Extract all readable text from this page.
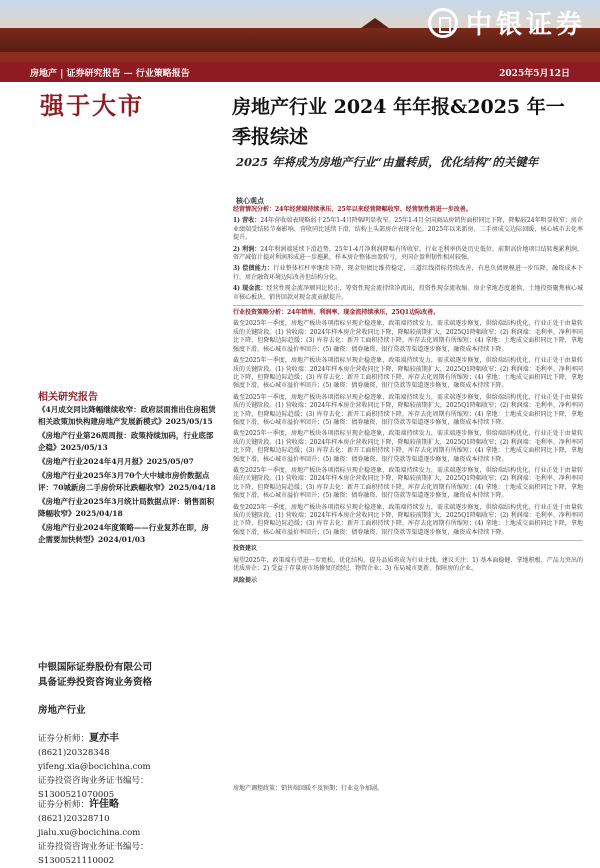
中银证券
房地产 | 证券研究报告 — 行业策略报告	2025年5月12日
强于大市
相关研究报告
《4月成交同比降幅继续收窄：政府层面推出住房租赁相关政策加快构建房地产发展新模式》2025/05/15
《房地产行业第26周周报：政策持续加码，行业底部企稳》2025/05/13
《房地产行业2024年4月月报》2025/05/07
《房地产行业2025年3月70个大中城市房价数据点评：70城新房二手房价环比跌幅收窄》2025/04/18
《房地产行业2025年3月统计局数据点评：销售面积降幅收窄》2025/04/18
《房地产行业2024年度策略——行业复苏在即，房企需要加快转型》2024/01/03
中银国际证券股份有限公司
具备证券投资咨询业务资格
房地产行业
证券分析师：夏亦丰
(8621)20328348
yifeng.xia@bocichina.com
证券投资咨询业务证书编号：S1300521070005
证券分析师：许佳略
(8621)20328710
jialu.xu@bocichina.com
证券投资咨询业务证书编号：S1300521110002
房地产行业 2024 年年报&2025 年一季报综述
2025 年将成为房地产行业“由量转质，优化结构”的关键年
核心观点

经营情况分析：24年经营端持续承压，25年以来经营降幅收窄、经营韧性将进一步改善。

1) 营收：24年营收端表现略弱于25年1-4月降幅明显收窄。25年1-4月全国商品房销售面积同比下降，降幅较24年明显收窄；房企业绩端受结转节奏影响，营收同比延续下滑，结构上头部房企表现分化。2025年以来新房、二手房成交边际回暖，核心城市去化率提升。

2) 利润：24年利润端延续下滑趋势，25年1-4月净利润降幅有所收窄。行业毛利率仍处历史低位，前期高价地项目结转拖累利润，资产减值计提对利润形成进一步拖累，样本房企整体由盈转亏，央国企盈利韧性相对较强。

3) 偿债能力：行业整体杠杆率继续下降，现金短债比维持稳定，三道红线指标持续改善，有息负债规模进一步压降，融资成本下行，房企融资环境边际改善但结构分化。

4) 现金流：经营性现金流净额同比转正，筹资性现金流持续净流出，投资性现金流收缩。房企拿地态度谨慎，土地投资聚焦核心城市核心板块，销售回款对现金流贡献提升。

行业投资策略分析：24年销售、利润率、现金流持续承压，25Q1边际改善。

截至2025年一季度，房地产板块各项指标呈现企稳迹象，政策端持续发力，需求端逐步修复，供给端结构优化，行业正处于由量转质的关键阶段。(1) 营收端：2024年样本房企营收同比下降，降幅较前期扩大，2025Q1降幅收窄；(2) 利润端：毛利率、净利率同比下降，但降幅边际趋缓；(3) 库存去化：新开工面积持续下降，库存去化周期有所缩短；(4) 拿地：土地成交面积同比下降，拿地强度下滑，核心城市溢价率回升；(5) 融资：债券融资、银行贷款等渠道逐步修复，融资成本持续下降。

截至2025年一季度，房地产板块各项指标呈现企稳迹象，政策端持续发力，需求端逐步修复，供给端结构优化，行业正处于由量转质的关键阶段。(1) 营收端：2024年样本房企营收同比下降，降幅较前期扩大，2025Q1降幅收窄；(2) 利润端：毛利率、净利率同比下降，但降幅边际趋缓；(3) 库存去化：新开工面积持续下降，库存去化周期有所缩短；(4) 拿地：土地成交面积同比下降，拿地强度下滑，核心城市溢价率回升；(5) 融资：债券融资、银行贷款等渠道逐步修复，融资成本持续下降。

截至2025年一季度，房地产板块各项指标呈现企稳迹象，政策端持续发力，需求端逐步修复，供给端结构优化，行业正处于由量转质的关键阶段。(1) 营收端：2024年样本房企营收同比下降，降幅较前期扩大，2025Q1降幅收窄；(2) 利润端：毛利率、净利率同比下降，但降幅边际趋缓；(3) 库存去化：新开工面积持续下降，库存去化周期有所缩短；(4) 拿地：土地成交面积同比下降，拿地强度下滑，核心城市溢价率回升；(5) 融资：债券融资、银行贷款等渠道逐步修复，融资成本持续下降。

截至2025年一季度，房地产板块各项指标呈现企稳迹象，政策端持续发力，需求端逐步修复，供给端结构优化，行业正处于由量转质的关键阶段。(1) 营收端：2024年样本房企营收同比下降，降幅较前期扩大，2025Q1降幅收窄；(2) 利润端：毛利率、净利率同比下降，但降幅边际趋缓；(3) 库存去化：新开工面积持续下降，库存去化周期有所缩短；(4) 拿地：土地成交面积同比下降，拿地强度下滑，核心城市溢价率回升；(5) 融资：债券融资、银行贷款等渠道逐步修复，融资成本持续下降。

截至2025年一季度，房地产板块各项指标呈现企稳迹象，政策端持续发力，需求端逐步修复，供给端结构优化，行业正处于由量转质的关键阶段。(1) 营收端：2024年样本房企营收同比下降，降幅较前期扩大，2025Q1降幅收窄；(2) 利润端：毛利率、净利率同比下降，但降幅边际趋缓；(3) 库存去化：新开工面积持续下降，库存去化周期有所缩短；(4) 拿地：土地成交面积同比下降，拿地强度下滑，核心城市溢价率回升；(5) 融资：债券融资、银行贷款等渠道逐步修复，融资成本持续下降。

截至2025年一季度，房地产板块各项指标呈现企稳迹象，政策端持续发力，需求端逐步修复，供给端结构优化，行业正处于由量转质的关键阶段。(1) 营收端：2024年样本房企营收同比下降，降幅较前期扩大，2025Q1降幅收窄；(2) 利润端：毛利率、净利率同比下降，但降幅边际趋缓；(3) 库存去化：新开工面积持续下降，库存去化周期有所缩短；(4) 拿地：土地成交面积同比下降，拿地强度下滑，核心城市溢价率回升；(5) 融资：债券融资、银行贷款等渠道逐步修复，融资成本持续下降。

投资建议

展望2025年，政策端有望进一步宽松，优化结构、提升品质将成为行业主线。建议关注：1) 基本面稳健、拿地积极、产品力突出的优质房企；2) 受益于存量房市场修复的经纪、物管企业；3) 布局城市更新、保障房的企业。

风险提示

房地产调控政策：销售端回暖不及预期；行业竞争加剧。
